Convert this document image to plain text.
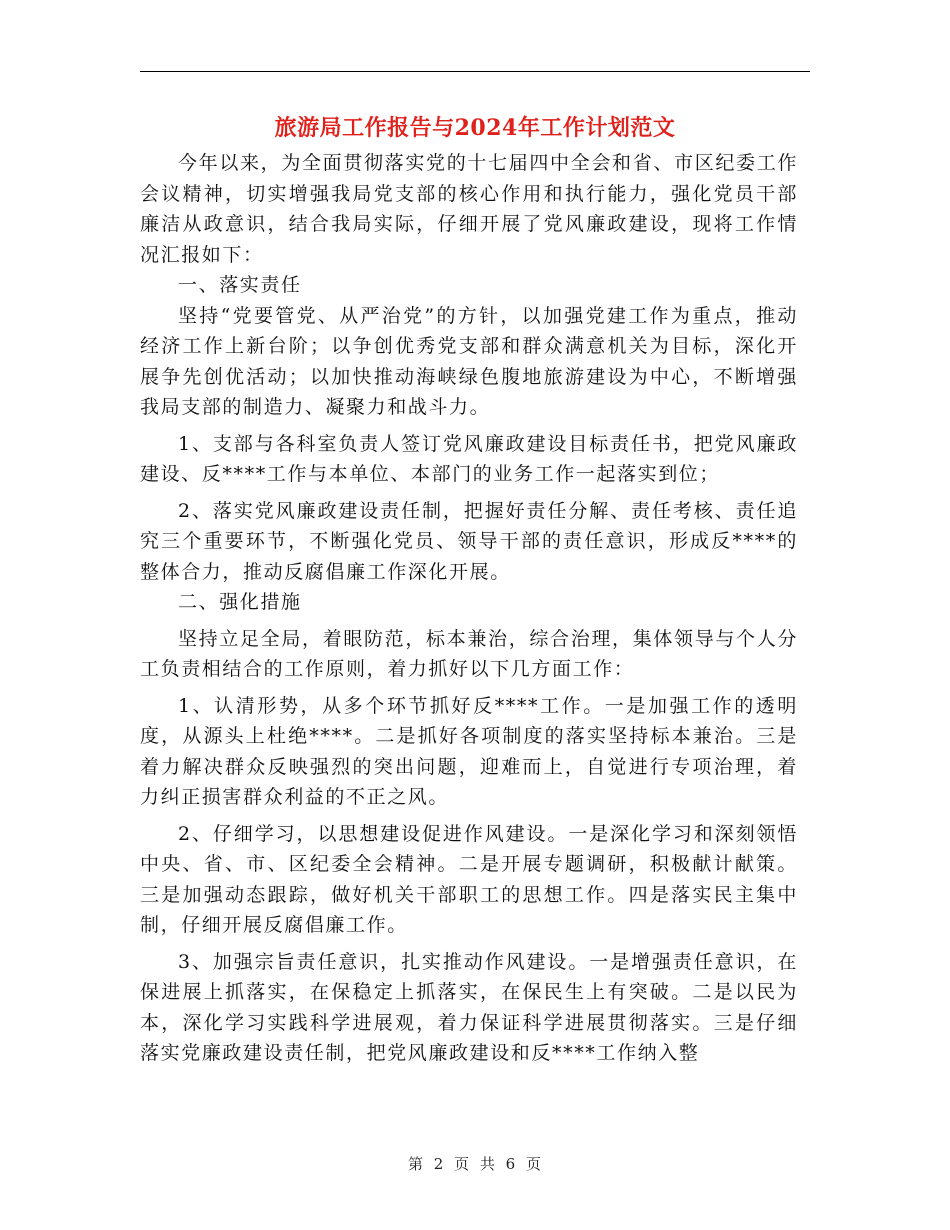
旅游局工作报告与2024年工作计划范文

今年以来，为全面贯彻落实党的十七届四中全会和省、市区纪委工作会议精神，切实增强我局党支部的核心作用和执行能力，强化党员干部廉洁从政意识，结合我局实际，仔细开展了党风廉政建设，现将工作情况汇报如下：

一、落实责任

坚持“党要管党、从严治党”的方针，以加强党建工作为重点，推动经济工作上新台阶；以争创优秀党支部和群众满意机关为目标，深化开展争先创优活动；以加快推动海峡绿色腹地旅游建设为中心，不断增强我局支部的制造力、凝聚力和战斗力。

1、支部与各科室负责人签订党风廉政建设目标责任书，把党风廉政建设、反****工作与本单位、本部门的业务工作一起落实到位；

2、落实党风廉政建设责任制，把握好责任分解、责任考核、责任追究三个重要环节，不断强化党员、领导干部的责任意识，形成反****的整体合力，推动反腐倡廉工作深化开展。

二、强化措施

坚持立足全局，着眼防范，标本兼治，综合治理，集体领导与个人分工负责相结合的工作原则，着力抓好以下几方面工作：

1、认清形势，从多个环节抓好反****工作。一是加强工作的透明度，从源头上杜绝****。二是抓好各项制度的落实坚持标本兼治。三是着力解决群众反映强烈的突出问题，迎难而上，自觉进行专项治理，着力纠正损害群众利益的不正之风。

2、仔细学习，以思想建设促进作风建设。一是深化学习和深刻领悟中央、省、市、区纪委全会精神。二是开展专题调研，积极献计献策。三是加强动态跟踪，做好机关干部职工的思想工作。四是落实民主集中制，仔细开展反腐倡廉工作。

3、加强宗旨责任意识，扎实推动作风建设。一是增强责任意识，在保进展上抓落实，在保稳定上抓落实，在保民生上有突破。二是以民为本，深化学习实践科学进展观，着力保证科学进展贯彻落实。三是仔细落实党廉政建设责任制，把党风廉政建设和反****工作纳入整

第 2 页 共 6 页
